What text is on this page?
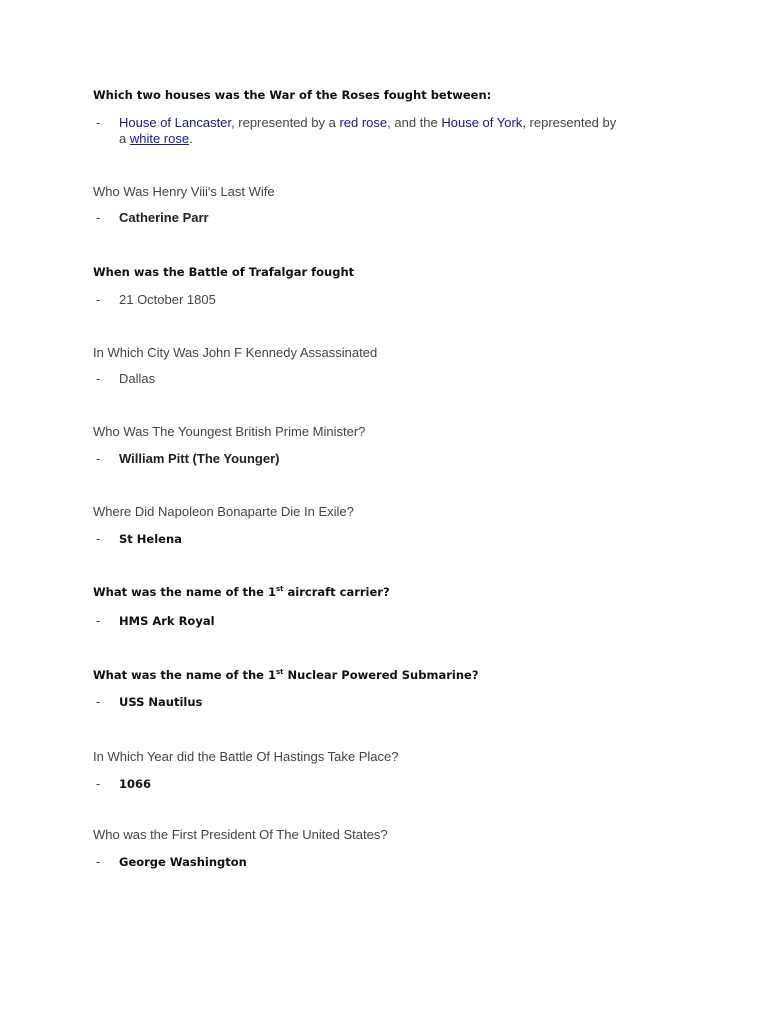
Which two houses was the War of the Roses fought between:

- House of Lancaster, represented by a red rose, and the House of York, represented by
a white rose.

Who Was Henry Viii's Last Wife

- Catherine Parr

When was the Battle of Trafalgar fought

- 21 October 1805

In Which City Was John F Kennedy Assassinated

- Dallas

Who Was The Youngest British Prime Minister?

- William Pitt (The Younger)

Where Did Napoleon Bonaparte Die In Exile?

- St Helena

What was the name of the 1st aircraft carrier?

- HMS Ark Royal

What was the name of the 1st Nuclear Powered Submarine?

- USS Nautilus

In Which Year did the Battle Of Hastings Take Place?

- 1066

Who was the First President Of The United States?

- George Washington
